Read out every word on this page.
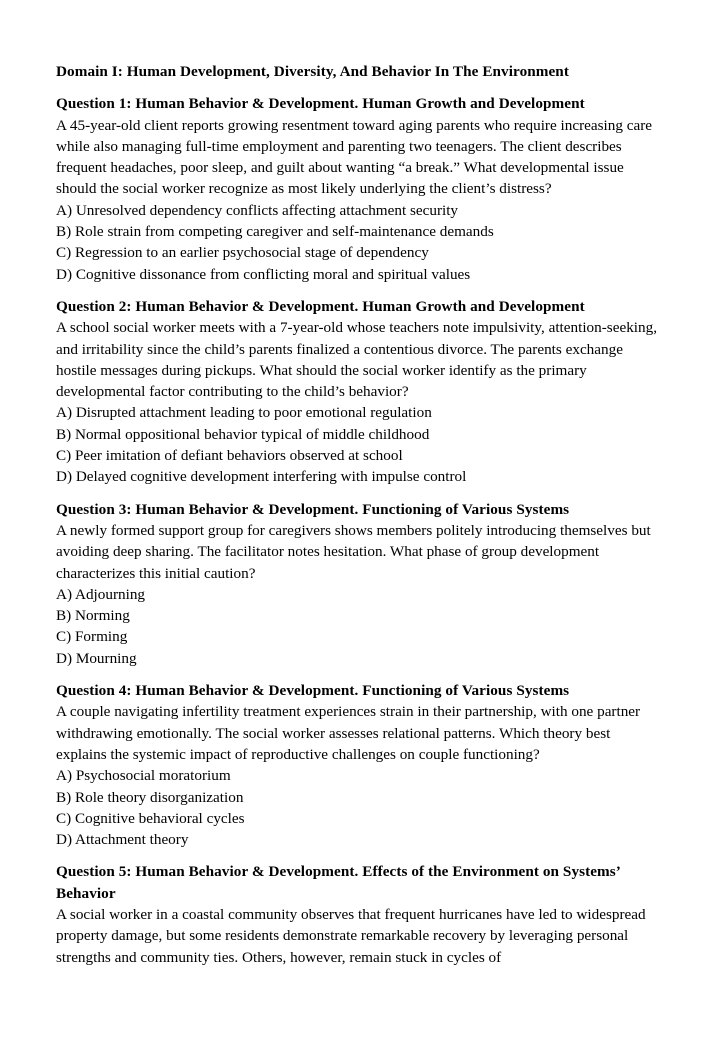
Domain I: Human Development, Diversity, And Behavior In The Environment
Question 1: Human Behavior & Development. Human Growth and Development
A 45-year-old client reports growing resentment toward aging parents who require increasing care while also managing full-time employment and parenting two teenagers. The client describes frequent headaches, poor sleep, and guilt about wanting “a break.” What developmental issue should the social worker recognize as most likely underlying the client’s distress?
A) Unresolved dependency conflicts affecting attachment security
B) Role strain from competing caregiver and self-maintenance demands
C) Regression to an earlier psychosocial stage of dependency
D) Cognitive dissonance from conflicting moral and spiritual values
Question 2: Human Behavior & Development. Human Growth and Development
A school social worker meets with a 7-year-old whose teachers note impulsivity, attention-seeking, and irritability since the child’s parents finalized a contentious divorce. The parents exchange hostile messages during pickups. What should the social worker identify as the primary developmental factor contributing to the child’s behavior?
A) Disrupted attachment leading to poor emotional regulation
B) Normal oppositional behavior typical of middle childhood
C) Peer imitation of defiant behaviors observed at school
D) Delayed cognitive development interfering with impulse control
Question 3: Human Behavior & Development. Functioning of Various Systems
A newly formed support group for caregivers shows members politely introducing themselves but avoiding deep sharing. The facilitator notes hesitation. What phase of group development characterizes this initial caution?
A) Adjourning
B) Norming
C) Forming
D) Mourning
Question 4: Human Behavior & Development. Functioning of Various Systems
A couple navigating infertility treatment experiences strain in their partnership, with one partner withdrawing emotionally. The social worker assesses relational patterns. Which theory best explains the systemic impact of reproductive challenges on couple functioning?
A) Psychosocial moratorium
B) Role theory disorganization
C) Cognitive behavioral cycles
D) Attachment theory
Question 5: Human Behavior & Development. Effects of the Environment on Systems’ Behavior
A social worker in a coastal community observes that frequent hurricanes have led to widespread property damage, but some residents demonstrate remarkable recovery by leveraging personal strengths and community ties. Others, however, remain stuck in cycles of
